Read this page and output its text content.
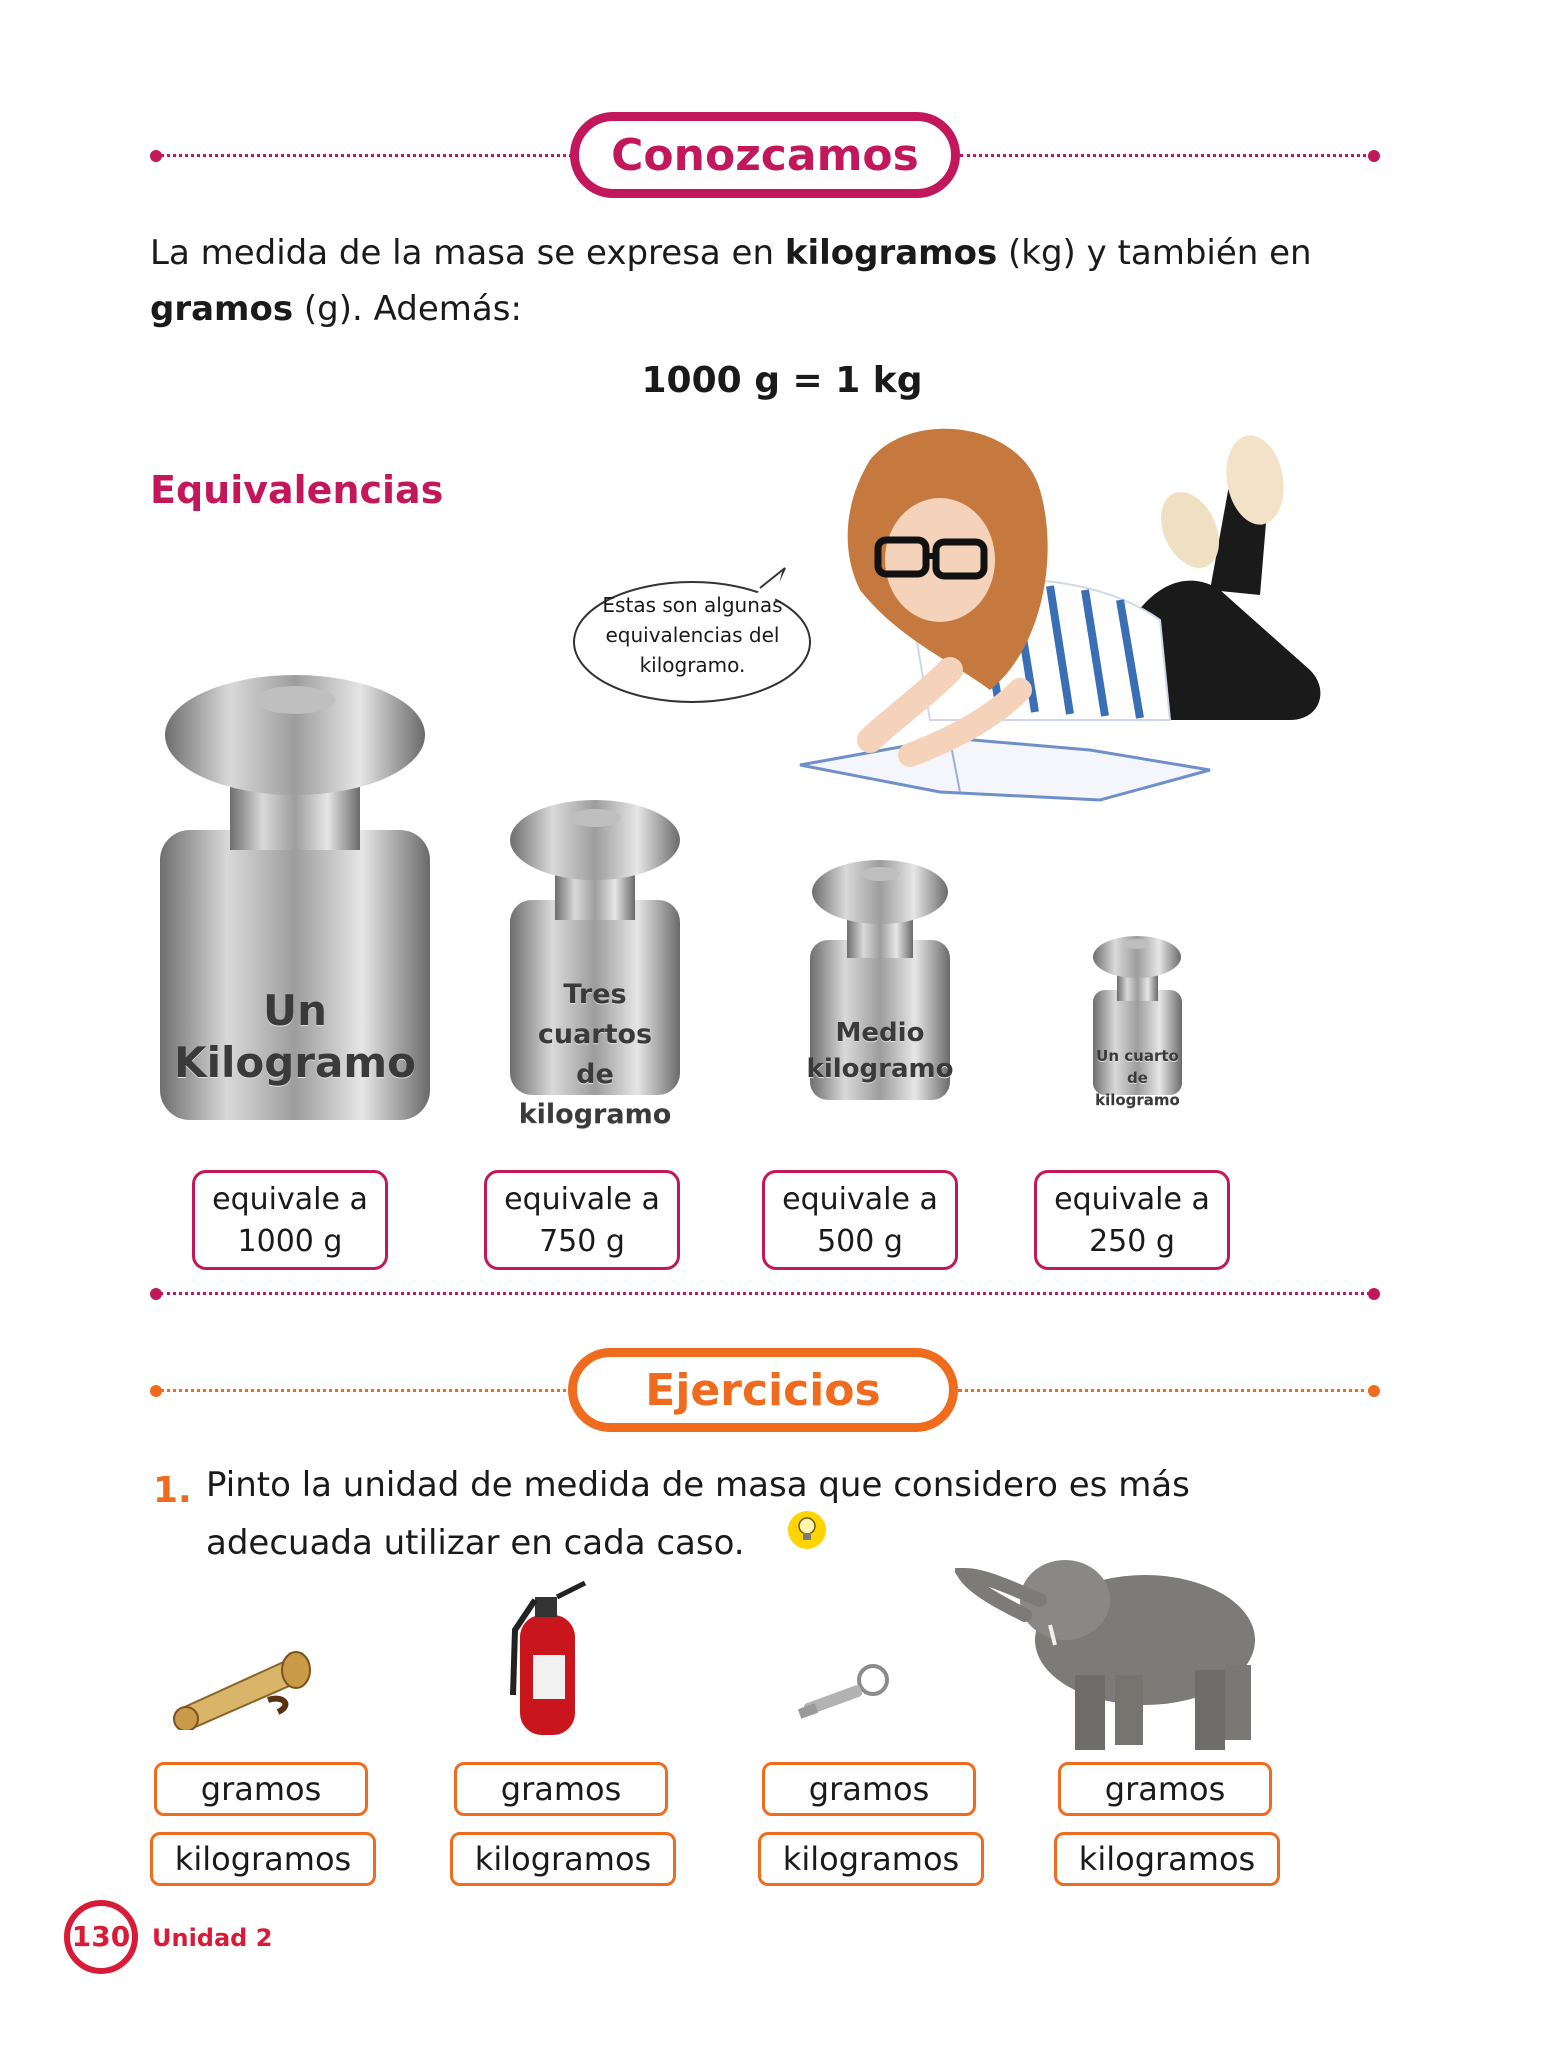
Conozcamos
La medida de la masa se expresa en kilogramos (kg) y también en
gramos (g). Además:
1000 g = 1 kg
Equivalencias
Estas son algunas
equivalencias del
kilogramo.
Un
Kilogramo
Tres cuartos
de
kilogramo
Medio
kilogramo	Un cuarto
de kilogramo
equivale a
1000 g
equivale a
750 g
equivale a
500 g
equivale a
250 g
Ejercicios
1. Pinto la unidad de medida de masa que considero es más
adecuada utilizar en cada caso.
gramos
kilogramos
gramos
kilogramos
gramos
kilogramos
gramos
kilogramos
130 Unidad 2
